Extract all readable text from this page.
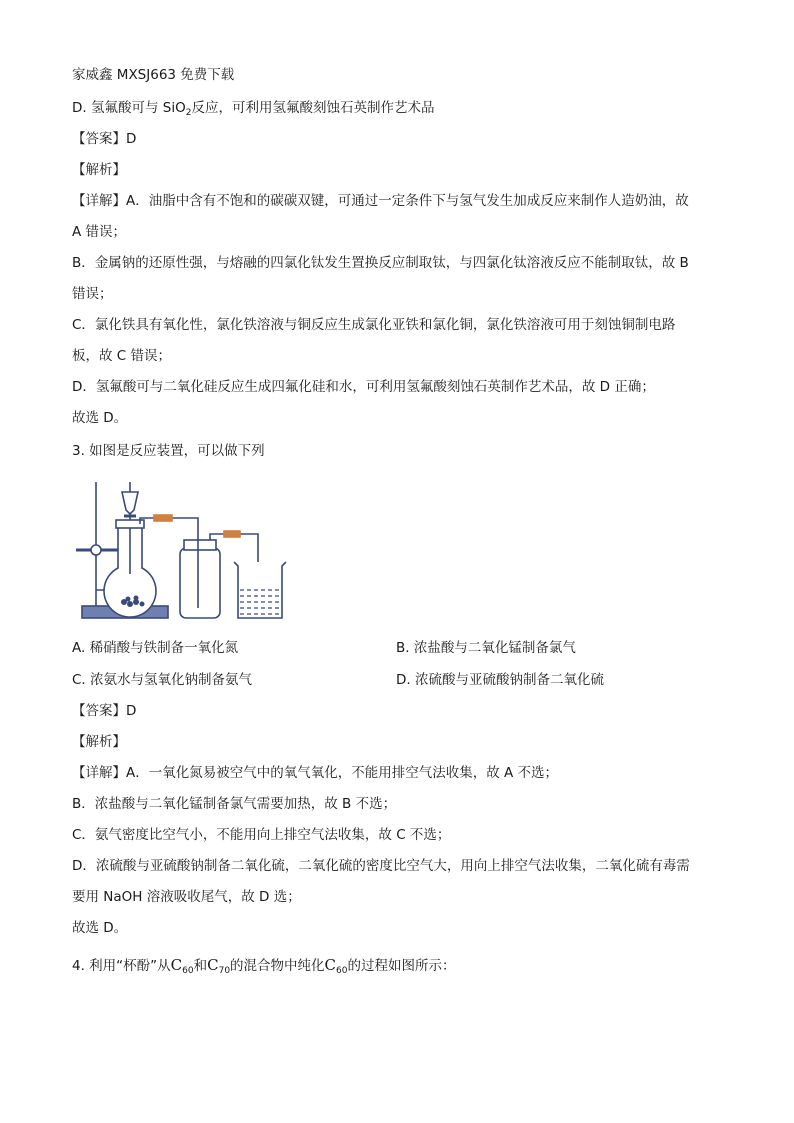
家威鑫 MXSJ663 免费下载
D. 氢氟酸可与 SiO$_2$反应，可利用氢氟酸刻蚀石英制作艺术品
【答案】D
【解析】
【详解】A．油脂中含有不饱和的碳碳双键，可通过一定条件下与氢气发生加成反应来制作人造奶油，故
A 错误；
B．金属钠的还原性强，与熔融的四氯化钛发生置换反应制取钛，与四氯化钛溶液反应不能制取钛，故 B
错误；
C．氯化铁具有氧化性，氯化铁溶液与铜反应生成氯化亚铁和氯化铜，氯化铁溶液可用于刻蚀铜制电路
板，故 C 错误；
D．氢氟酸可与二氧化硅反应生成四氟化硅和水，可利用氢氟酸刻蚀石英制作艺术品，故 D 正确；
故选 D。
3. 如图是反应装置，可以做下列
A. 稀硝酸与铁制备一氧化氮	B. 浓盐酸与二氧化锰制备氯气
C. 浓氨水与氢氧化钠制备氨气	D. 浓硫酸与亚硫酸钠制备二氧化硫
【答案】D
【解析】
【详解】A．一氧化氮易被空气中的氧气氧化，不能用排空气法收集，故 A 不选；
B．浓盐酸与二氧化锰制备氯气需要加热，故 B 不选；
C．氨气密度比空气小，不能用向上排空气法收集，故 C 不选；
D．浓硫酸与亚硫酸钠制备二氧化硫，二氧化硫的密度比空气大，用向上排空气法收集，二氧化硫有毒需
要用 NaOH 溶液吸收尾气，故 D 选；
故选 D。
4. 利用“杯酚”从$C_{60}$和$C_{70}$的混合物中纯化$C_{60}$的过程如图所示：
